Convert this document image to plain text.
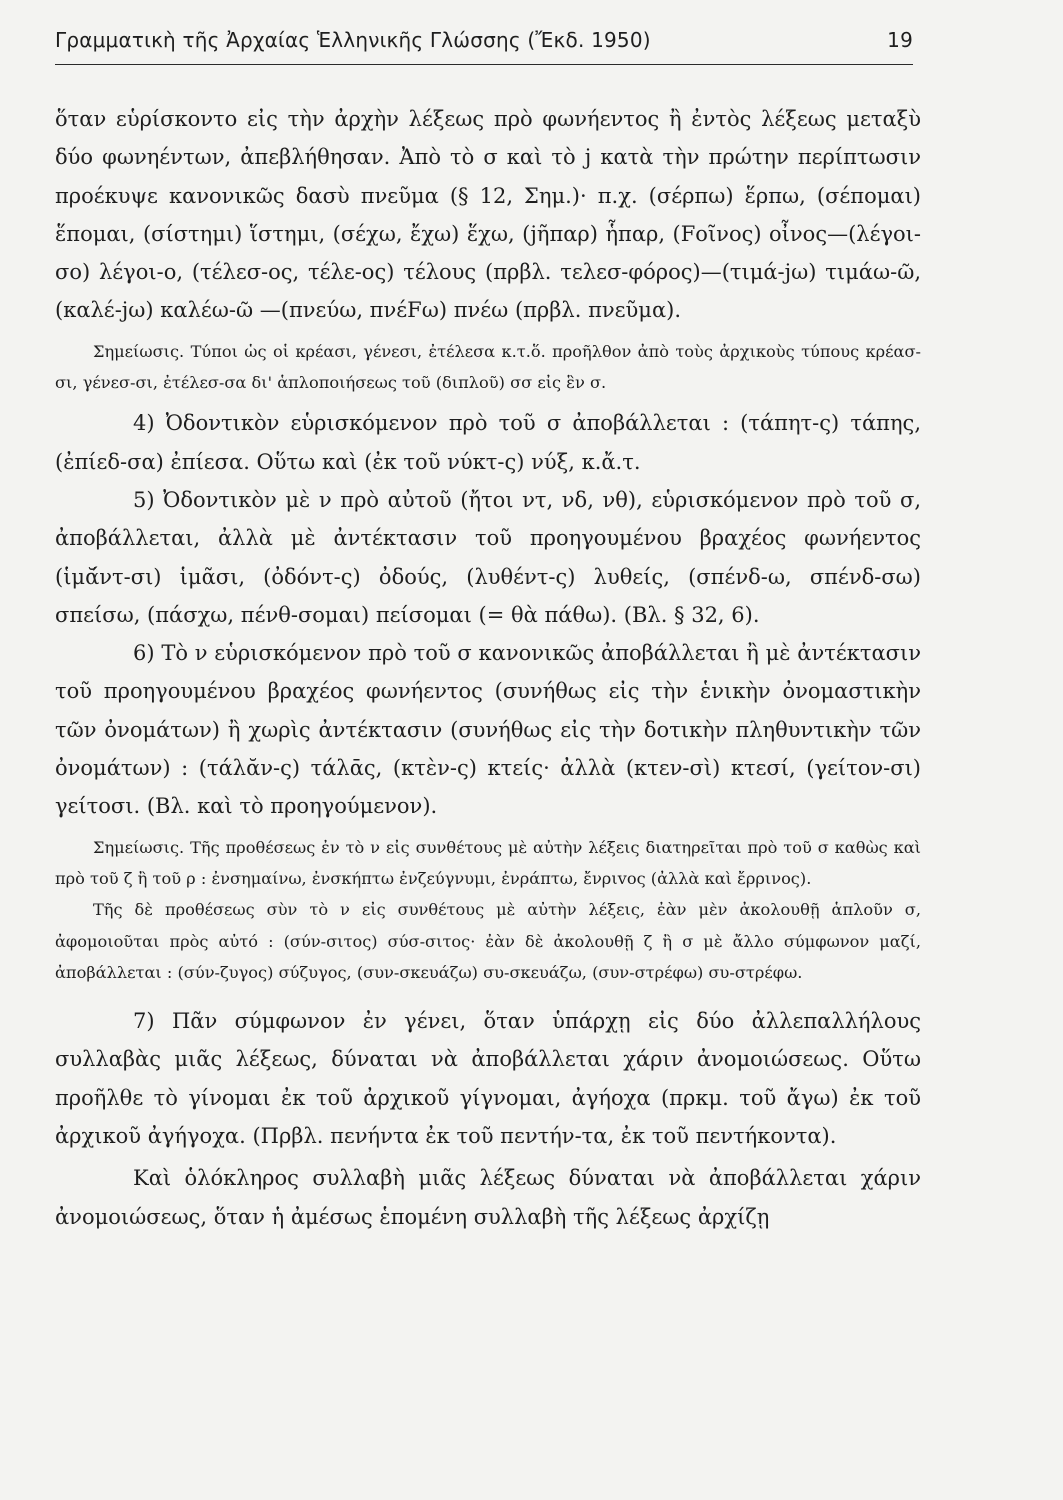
Γραμματικὴ τῆς Ἀρχαίας Ἑλληνικῆς Γλώσσης (Ἔκδ. 1950)	19

ὅταν εὑρίσκοντο εἰς τὴν ἀρχὴν λέξεως πρὸ φωνήεντος ἢ ἐντὸς λέξεως μεταξὺ δύο φωνηέντων, ἀπεβλήθησαν. Ἀπὸ τὸ σ καὶ τὸ j κατὰ τὴν πρώτην περίπτωσιν προέκυψε κανονικῶς δασὺ πνεῦμα (§ 12, Σημ.)· π.χ. (σέρπω) ἕρπω, (σέπομαι) ἕπομαι, (σίστημι) ἵστημι, (σέχω, ἔχω) ἕχω, (jῆπαρ) ἧπαρ, (Fοῖνος) οἶνος—(λέγοι-σο) λέγοι-ο, (τέλεσ-ος, τέλε-ος) τέλους (πρβλ. τελεσ-φόρος)—(τιμά-jω) τιμάω-ῶ, (καλέ-jω) καλέω-ῶ —(πνεύω, πνέFω) πνέω (πρβλ. πνεῦμα).

Σημείωσις. Τύποι ὡς οἱ κρέασι, γένεσι, ἐτέλεσα κ.τ.ὅ. προῆλθον ἀπὸ τοὺς ἀρχικοὺς τύπους κρέασ-σι, γένεσ-σι, ἐτέλεσ-σα δι' ἁπλοποιήσεως τοῦ (διπλοῦ) σσ εἰς ἓν σ.

4) Ὀδοντικὸν εὑρισκόμενον πρὸ τοῦ σ ἀποβάλλεται : (τάπητ-ς) τάπης, (ἐπίεδ-σα) ἐπίεσα. Οὕτω καὶ (ἐκ τοῦ νύκτ-ς) νύξ, κ.ἄ.τ.

5) Ὀδοντικὸν μὲ ν πρὸ αὐτοῦ (ἤτοι ντ, νδ, νθ), εὑρισκόμενον πρὸ τοῦ σ, ἀποβάλλεται, ἀλλὰ μὲ ἀντέκτασιν τοῦ προηγουμένου βραχέος φωνήεντος (ἱμᾰ́ντ-σι) ἱμᾶσι, (ὀδόντ-ς) ὀδούς, (λυθέντ-ς) λυθείς, (σπένδ-ω, σπένδ-σω) σπείσω, (πάσχω, πένθ-σομαι) πείσομαι (= θὰ πάθω). (Βλ. § 32, 6).

6) Τὸ ν εὑρισκόμενον πρὸ τοῦ σ κανονικῶς ἀποβάλλεται ἢ μὲ ἀντέκτασιν τοῦ προηγουμένου βραχέος φωνήεντος (συνήθως εἰς τὴν ἑνικὴν ὀνομαστικὴν τῶν ὀνομάτων) ἢ χωρὶς ἀντέκτασιν (συνήθως εἰς τὴν δοτικὴν πληθυντικὴν τῶν ὀνομάτων) : (τάλᾰν-ς) τάλᾱς, (κτὲν-ς) κτείς· ἀλλὰ (κτεν-σὶ) κτεσί, (γείτον-σι) γείτοσι. (Βλ. καὶ τὸ προηγούμενον).

Σημείωσις. Τῆς προθέσεως ἐν τὸ ν εἰς συνθέτους μὲ αὐτὴν λέξεις διατηρεῖται πρὸ τοῦ σ καθὼς καὶ πρὸ τοῦ ζ ἢ τοῦ ρ : ἐνσημαίνω, ἐνσκήπτω ἐνζεύγνυμι, ἐνράπτω, ἔνριvος (ἀλλὰ καὶ ἔρρινος).

Τῆς δὲ προθέσεως σὺν τὸ ν εἰς συνθέτους μὲ αὐτὴν λέξεις, ἐὰν μὲν ἀκολουθῇ ἁπλοῦν σ, ἀφομοιοῦται πρὸς αὐτό : (σύν-σιτος) σύσ-σιτος· ἐὰν δὲ ἀκολουθῇ ζ ἢ σ μὲ ἄλλο σύμφωνον μαζί, ἀποβάλλεται : (σύν-ζυγος) σύζυγος, (συν-σκευάζω) συ-σκευάζω, (συν-στρέφω) συ-στρέφω.

7) Πᾶν σύμφωνον ἐν γένει, ὅταν ὑπάρχῃ εἰς δύο ἀλλεπαλλήλους συλλαβὰς μιᾶς λέξεως, δύναται νὰ ἀποβάλλεται χάριν ἀνομοιώσεως. Οὕτω προῆλθε τὸ γίνομαι ἐκ τοῦ ἀρχικοῦ γίγνομαι, ἀγήοχα (πρκμ. τοῦ ἄγω) ἐκ τοῦ ἀρχικοῦ ἀγήγοχα. (Πρβλ. πενήντα ἐκ τοῦ πεντήν-τα, ἐκ τοῦ πεντήκοντα).

Καὶ ὁλόκληρος συλλαβὴ μιᾶς λέξεως δύναται νὰ ἀποβάλλεται χάριν ἀνομοιώσεως, ὅταν ἡ ἀμέσως ἑπομένη συλλαβὴ τῆς λέξεως ἀρχίζῃ
